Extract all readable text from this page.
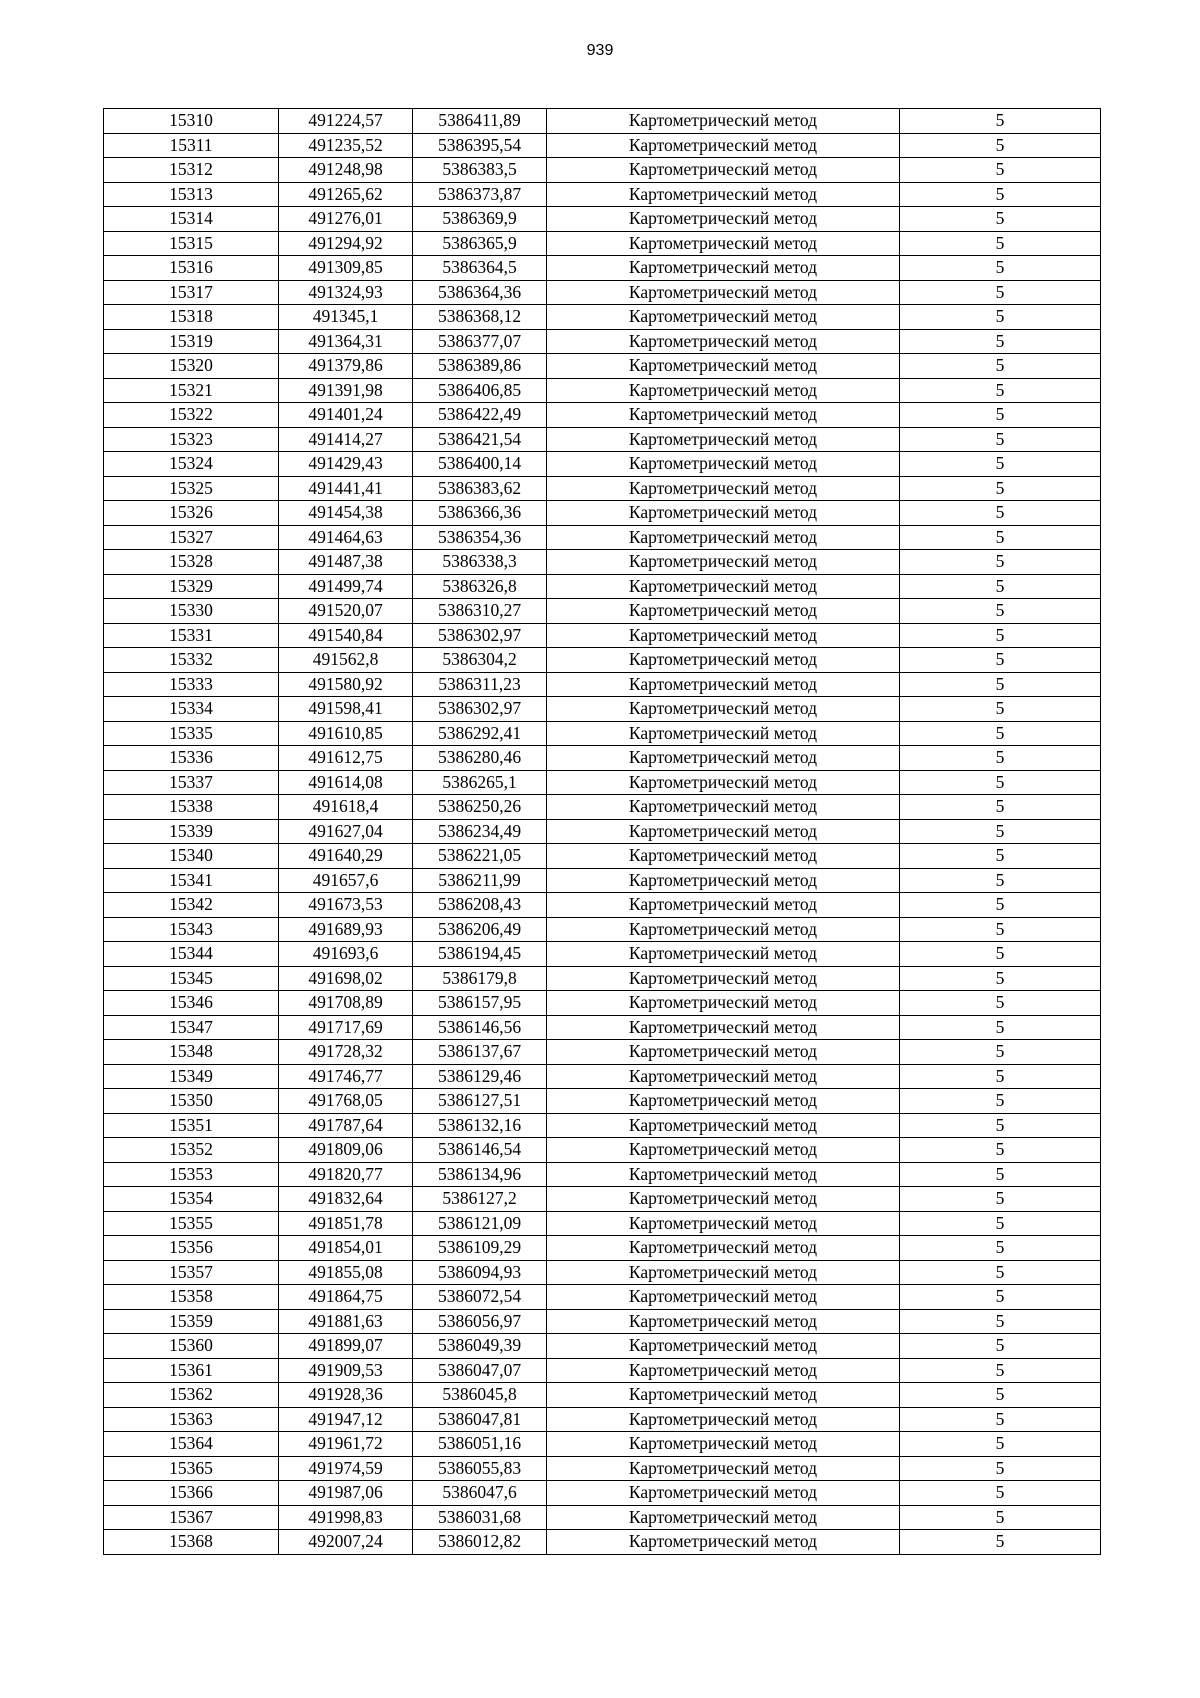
939
15310	491224,57	5386411,89	Картометрический метод	5
15311	491235,52	5386395,54	Картометрический метод	5
15312	491248,98	5386383,5	Картометрический метод	5
15313	491265,62	5386373,87	Картометрический метод	5
15314	491276,01	5386369,9	Картометрический метод	5
15315	491294,92	5386365,9	Картометрический метод	5
15316	491309,85	5386364,5	Картометрический метод	5
15317	491324,93	5386364,36	Картометрический метод	5
15318	491345,1	5386368,12	Картометрический метод	5
15319	491364,31	5386377,07	Картометрический метод	5
15320	491379,86	5386389,86	Картометрический метод	5
15321	491391,98	5386406,85	Картометрический метод	5
15322	491401,24	5386422,49	Картометрический метод	5
15323	491414,27	5386421,54	Картометрический метод	5
15324	491429,43	5386400,14	Картометрический метод	5
15325	491441,41	5386383,62	Картометрический метод	5
15326	491454,38	5386366,36	Картометрический метод	5
15327	491464,63	5386354,36	Картометрический метод	5
15328	491487,38	5386338,3	Картометрический метод	5
15329	491499,74	5386326,8	Картометрический метод	5
15330	491520,07	5386310,27	Картометрический метод	5
15331	491540,84	5386302,97	Картометрический метод	5
15332	491562,8	5386304,2	Картометрический метод	5
15333	491580,92	5386311,23	Картометрический метод	5
15334	491598,41	5386302,97	Картометрический метод	5
15335	491610,85	5386292,41	Картометрический метод	5
15336	491612,75	5386280,46	Картометрический метод	5
15337	491614,08	5386265,1	Картометрический метод	5
15338	491618,4	5386250,26	Картометрический метод	5
15339	491627,04	5386234,49	Картометрический метод	5
15340	491640,29	5386221,05	Картометрический метод	5
15341	491657,6	5386211,99	Картометрический метод	5
15342	491673,53	5386208,43	Картометрический метод	5
15343	491689,93	5386206,49	Картометрический метод	5
15344	491693,6	5386194,45	Картометрический метод	5
15345	491698,02	5386179,8	Картометрический метод	5
15346	491708,89	5386157,95	Картометрический метод	5
15347	491717,69	5386146,56	Картометрический метод	5
15348	491728,32	5386137,67	Картометрический метод	5
15349	491746,77	5386129,46	Картометрический метод	5
15350	491768,05	5386127,51	Картометрический метод	5
15351	491787,64	5386132,16	Картометрический метод	5
15352	491809,06	5386146,54	Картометрический метод	5
15353	491820,77	5386134,96	Картометрический метод	5
15354	491832,64	5386127,2	Картометрический метод	5
15355	491851,78	5386121,09	Картометрический метод	5
15356	491854,01	5386109,29	Картометрический метод	5
15357	491855,08	5386094,93	Картометрический метод	5
15358	491864,75	5386072,54	Картометрический метод	5
15359	491881,63	5386056,97	Картометрический метод	5
15360	491899,07	5386049,39	Картометрический метод	5
15361	491909,53	5386047,07	Картометрический метод	5
15362	491928,36	5386045,8	Картометрический метод	5
15363	491947,12	5386047,81	Картометрический метод	5
15364	491961,72	5386051,16	Картометрический метод	5
15365	491974,59	5386055,83	Картометрический метод	5
15366	491987,06	5386047,6	Картометрический метод	5
15367	491998,83	5386031,68	Картометрический метод	5
15368	492007,24	5386012,82	Картометрический метод	5
